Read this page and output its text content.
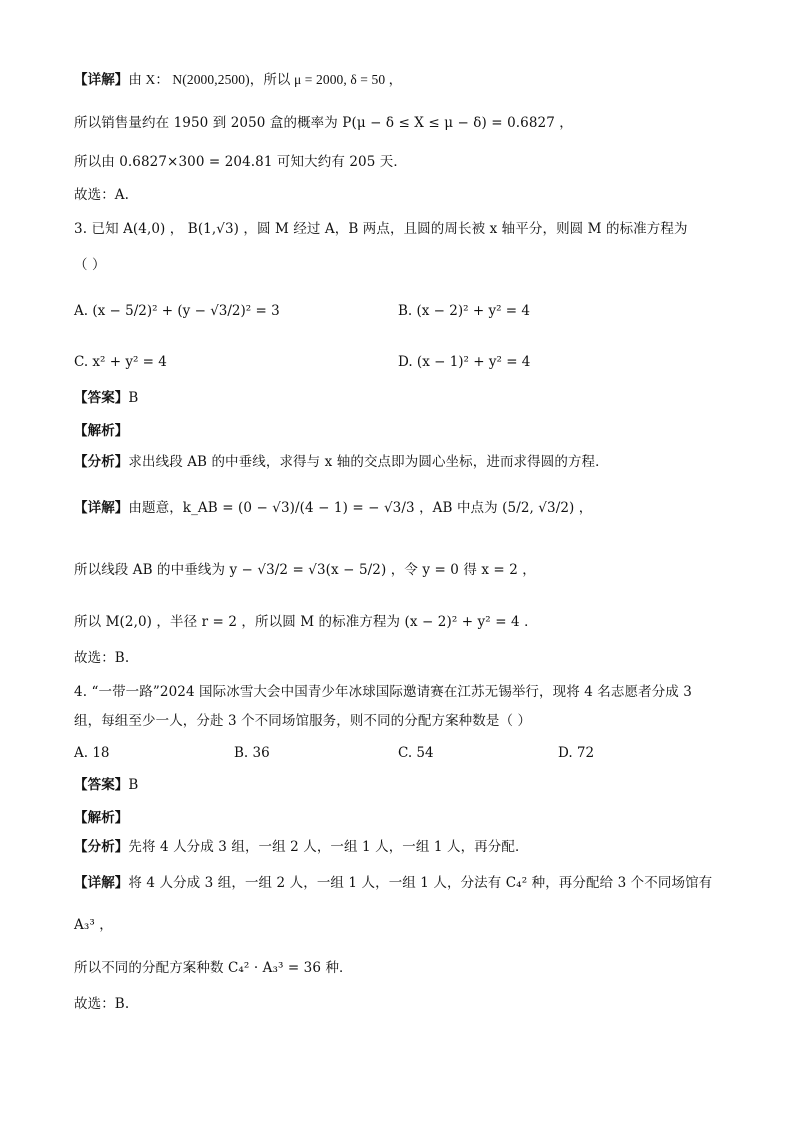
【详解】由 X： N(2000,2500)，所以 μ = 2000, δ = 50 ，
所以销售量约在 1950 到 2050 盒的概率为 P(μ − δ ≤ X ≤ μ − δ) = 0.6827 ，
所以由 0.6827×300 = 204.81 可知大约有 205 天．
故选：A.
3. 已知 A(4,0) ， B(1,√3) ，圆 M 经过 A，B 两点，且圆的周长被 x 轴平分，则圆 M 的标准方程为
（ ）
A. (x − 5/2)² + (y − √3/2)² = 3	B. (x − 2)² + y² = 4
C. x² + y² = 4	D. (x − 1)² + y² = 4
【答案】B
【解析】
【分析】求出线段 AB 的中垂线，求得与 x 轴的交点即为圆心坐标，进而求得圆的方程．
【详解】由题意，k_AB = (0 − √3)/(4 − 1) = − √3/3 ，AB 中点为 (5/2, √3/2) ，
所以线段 AB 的中垂线为 y − √3/2 = √3(x − 5/2) ，令 y = 0 得 x = 2 ，
所以 M(2,0) ，半径 r = 2 ，所以圆 M 的标准方程为 (x − 2)² + y² = 4 ．
故选：B.
4. “一带一路”2024 国际冰雪大会中国青少年冰球国际邀请赛在江苏无锡举行，现将 4 名志愿者分成 3
组，每组至少一人，分赴 3 个不同场馆服务，则不同的分配方案种数是（ ）
A. 18	B. 36	C. 54	D. 72
【答案】B
【解析】
【分析】先将 4 人分成 3 组，一组 2 人，一组 1 人，一组 1 人，再分配．
【详解】将 4 人分成 3 组，一组 2 人，一组 1 人，一组 1 人，分法有 C₄² 种，再分配给 3 个不同场馆有
A₃³ ，
所以不同的分配方案种数 C₄² · A₃³ = 36 种．
故选：B.
